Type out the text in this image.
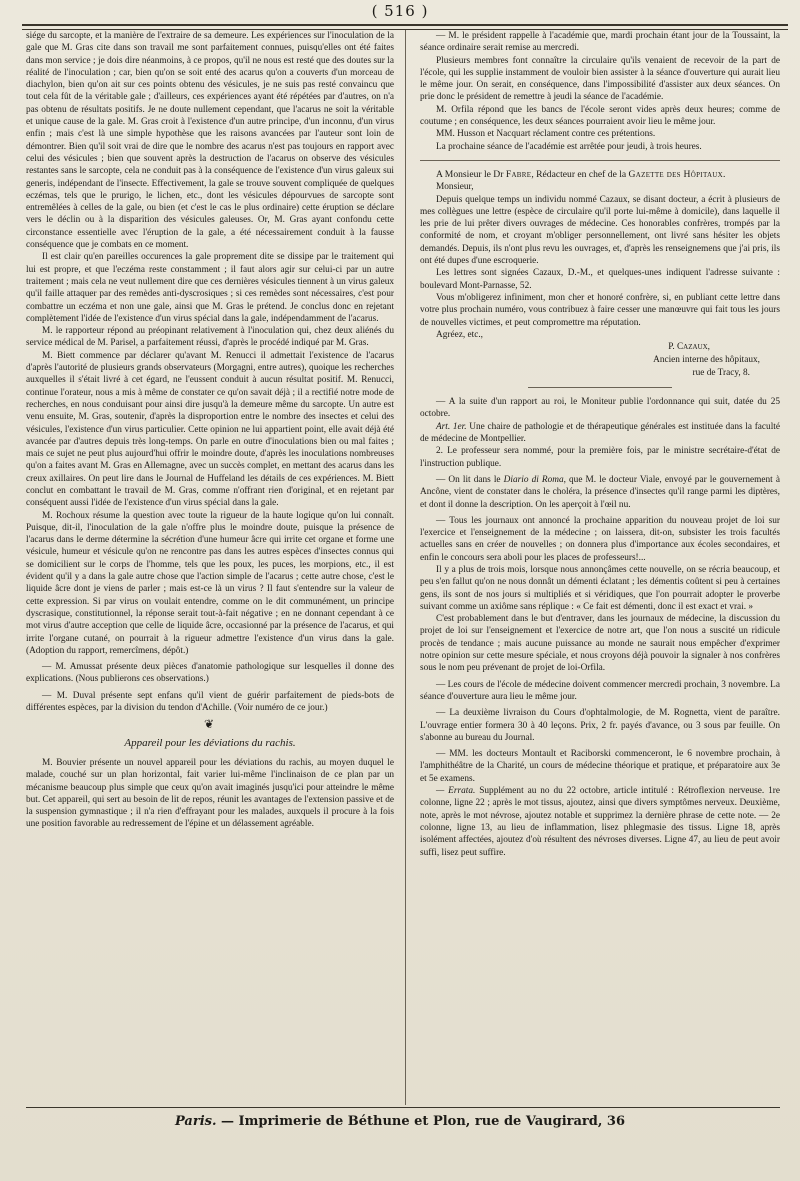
( 516 )

siége du sarcopte, et la manière de l'extraire de sa demeure. Les expériences sur l'inoculation de la gale que M. Gras cite dans son travail me sont parfaitement connues, puisqu'elles ont été faites dans mon service ; je dois dire néanmoins, à ce propos, qu'il ne nous est resté que des doutes sur la réalité de l'inoculation ; car, bien qu'on se soit enté des acarus qu'on a couverts d'un morceau de diachylon, bien qu'on ait sur ces points obtenu des vésicules, je ne suis pas resté convaincu que tout cela fût de la véritable gale ; d'ailleurs, ces expériences ayant été répétées par d'autres, on n'a pas obtenu de résultats positifs. Je ne doute nullement cependant, que l'acarus ne soit la véritable et unique cause de la gale. M. Gras croit à l'existence d'un autre principe, d'un inconnu, d'un virus enfin ; mais c'est là une simple hypothèse que les raisons avancées par l'auteur sont loin de démontrer. Bien qu'il soit vrai de dire que le nombre des acarus n'est pas toujours en rapport avec celui des vésicules ; bien que souvent après la destruction de l'acarus on observe des vésicules restantes sans le sarcopte, cela ne conduit pas à la conséquence de l'existence d'un virus galeux sui generis, indépendant de l'insecte. Effectivement, la gale se trouve souvent compliquée de quelques eczémas, tels que le prurigo, le lichen, etc., dont les vésicules dépourvues de sarcopte sont entremêlées à celles de la gale, ou bien (et c'est le cas le plus ordinaire) cette éruption se déclare vers le déclin ou à la disparition des vésicules galeuses. Or, M. Gras ayant confondu cette circonstance essentielle avec l'éruption de la gale, a été nécessairement conduit à la fausse conséquence que je combats en ce moment.

Il est clair qu'en pareilles occurences la gale proprement dite se dissipe par le traitement qui lui est propre, et que l'eczéma reste constamment ; il faut alors agir sur celui-ci par un autre traitement ; mais cela ne veut nullement dire que ces dernières vésicules tiennent à un virus galeux qu'il faille attaquer par des remèdes anti-dyscrosiques ; si ces remèdes sont nécessaires, c'est pour combattre un eczéma et non une gale, ainsi que M. Gras le prétend. Je conclus donc en rejetant complètement l'idée de l'existence d'un virus spécial dans la gale, indépendamment de l'acarus.

M. le rapporteur répond au préopinant relativement à l'inoculation qui, chez deux aliénés du service médical de M. Parisel, a parfaitement réussi, d'après le procédé indiqué par M. Gras.

M. Biett commence par déclarer qu'avant M. Renucci il admettait l'existence de l'acarus d'après l'autorité de plusieurs grands observateurs (Morgagni, entre autres), quoique les recherches auxquelles il s'était livré à cet égard, ne l'eussent conduit à aucun résultat positif. M. Renucci, continue l'orateur, nous a mis à même de constater ce qu'on savait déjà ; il a rectifié notre mode de recherches, en nous conduisant pour ainsi dire jusqu'à la demeure même du sarcopte. Un autre est venu ensuite, M. Gras, soutenir, d'après la disproportion entre le nombre des insectes et celui des vésicules, l'existence d'un virus particulier. Cette opinion ne lui appartient point, elle avait déjà été avancée par d'autres depuis très long-temps. On parle en outre d'inoculations bien ou mal faites ; mais ce sujet ne peut plus aujourd'hui offrir le moindre doute, d'après les inoculations nombreuses qu'on a faites avant M. Gras en Allemagne, avec un succès complet, en mettant des acarus dans les creux axillaires. On peut lire dans le Journal de Huffeland les détails de ces expériences. M. Biett conclut en combattant le travail de M. Gras, comme n'offrant rien d'original, et en rejetant par conséquent aussi l'idée de l'existence d'un virus spécial dans la gale.

M. Rochoux résume la question avec toute la rigueur de la haute logique qu'on lui connaît. Puisque, dit-il, l'inoculation de la gale n'offre plus le moindre doute, puisque la présence de l'acarus dans le derme détermine la sécrétion d'une humeur âcre qui irrite cet organe et forme une vésicule, humeur et vésicule qu'on ne rencontre pas dans les autres espèces d'insectes connus qui se domicilient sur le corps de l'homme, tels que les poux, les puces, les morpions, etc., il est évident qu'il y a dans la gale autre chose que l'action simple de l'acarus ; cette autre chose, c'est le liquide âcre dont je viens de parler ; mais est-ce là un virus ? Il faut s'entendre sur la valeur de cette expression. Si par virus on voulait entendre, comme on le dit communément, un principe dyscrasique, constitutionnel, la réponse serait tout-à-fait négative ; en ne donnant cependant à ce mot virus d'autre acception que celle de liquide âcre, occasionné par la présence de l'acarus, et qui irrite l'organe cutané, on pourrait à la rigueur admettre l'existence d'un virus dans la gale. (Adoption du rapport, remercîmens, dépôt.)

— M. Amussat présente deux pièces d'anatomie pathologique sur lesquelles il donne des explications. (Nous publierons ces observations.)

— M. Duval présente sept enfans qu'il vient de guérir parfaitement de pieds-bots de différentes espèces, par la division du tendon d'Achille. (Voir numéro de ce jour.)

❦
Appareil pour les déviations du rachis.

M. Bouvier présente un nouvel appareil pour les déviations du rachis, au moyen duquel le malade, couché sur un plan horizontal, fait varier lui-même l'inclinaison de ce plan par un mécanisme beaucoup plus simple que ceux qu'on avait imaginés jusqu'ici pour atteindre le même but. Cet appareil, qui sert au besoin de lit de repos, réunit les avantages de l'extension passive et de la suspension gymnastique ; il n'a rien d'effrayant pour les malades, auxquels il procure à la fois une position favorable au redressement de l'épine et un délassement agréable.

— M. le président rappelle à l'académie que, mardi prochain étant jour de la Toussaint, la séance ordinaire serait remise au mercredi.

Plusieurs membres font connaître la circulaire qu'ils venaient de recevoir de la part de l'école, qui les supplie instamment de vouloir bien assister à la séance d'ouverture qui aurait lieu le même jour. On serait, en conséquence, dans l'impossibilité d'assister aux deux séances. On prie donc le président de remettre à jeudi la séance de l'académie.

M. Orfila répond que les bancs de l'école seront vides après deux heures; comme de coutume ; en conséquence, les deux séances pourraient avoir lieu le même jour.

MM. Husson et Nacquart réclament contre ces prétentions.

La prochaine séance de l'académie est arrêtée pour jeudi, à trois heures.

A Monsieur le Dr Fabre, Rédacteur en chef de la Gazette des Hôpitaux.

Monsieur,

Depuis quelque temps un individu nommé Cazaux, se disant docteur, a écrit à plusieurs de mes collègues une lettre (espèce de circulaire qu'il porte lui-même à domicile), dans laquelle il les prie de lui prêter divers ouvrages de médecine. Ces honorables confrères, trompés par la conformité de nom, et croyant m'obliger personnellement, ont livré sans hésiter les objets demandés. Depuis, ils n'ont plus revu les ouvrages, et, d'après les renseignemens que j'ai pris, ils ont été dupes d'une escroquerie.

Les lettres sont signées Cazaux, D.-M., et quelques-unes indiquent l'adresse suivante : boulevard Mont-Parnasse, 52.

Vous m'obligerez infiniment, mon cher et honoré confrère, si, en publiant cette lettre dans votre plus prochain numéro, vous contribuez à faire cesser une manœuvre qui fait tous les jours de nouvelles victimes, et peut compromettre ma réputation.

Agréez, etc.,

P. Cazaux,
Ancien interne des hôpitaux,
rue de Tracy, 8.

— A la suite d'un rapport au roi, le Moniteur publie l'ordonnance qui suit, datée du 25 octobre.

Art. 1er. Une chaire de pathologie et de thérapeutique générales est instituée dans la faculté de médecine de Montpellier.

2. Le professeur sera nommé, pour la première fois, par le ministre secrétaire-d'état de l'instruction publique.

— On lit dans le Diario di Roma, que M. le docteur Viale, envoyé par le gouvernement à Ancône, vient de constater dans le choléra, la présence d'insectes qu'il range parmi les diptères, et dont il donne la description. On les aperçoit à l'œil nu.

— Tous les journaux ont annoncé la prochaine apparition du nouveau projet de loi sur l'exercice et l'enseignement de la médecine ; on laissera, dit-on, subsister les trois facultés actuelles sans en créer de nouvelles ; on donnera plus d'importance aux écoles secondaires, et enfin le concours sera aboli pour les places de professeurs!...

Il y a plus de trois mois, lorsque nous annonçâmes cette nouvelle, on se récria beaucoup, et peu s'en fallut qu'on ne nous donnât un démenti éclatant ; les démentis coûtent si peu à certaines gens, ils sont de nos jours si multipliés et si véridiques, que l'on pourrait adopter le proverbe suivant comme un axiôme sans réplique : « Ce fait est démenti, donc il est exact et vrai. »

C'est probablement dans le but d'entraver, dans les journaux de médecine, la discussion du projet de loi sur l'enseignement et l'exercice de notre art, que l'on nous a suscité un ridicule procès de tendance ; mais aucune puissance au monde ne saurait nous empêcher d'exprimer notre opinion sur cette mesure spéciale, et nous croyons déjà pouvoir la signaler à nos confrères sous le nom peu prévenant de projet de loi-Orfila.

— Les cours de l'école de médecine doivent commencer mercredi prochain, 3 novembre. La séance d'ouverture aura lieu le même jour.

— La deuxième livraison du Cours d'ophtalmologie, de M. Rognetta, vient de paraître. L'ouvrage entier formera 30 à 40 leçons. Prix, 2 fr. payés d'avance, ou 3 sous par feuille. On s'abonne au bureau du Journal.

— MM. les docteurs Montault et Raciborski commenceront, le 6 novembre prochain, à l'amphithéâtre de la Charité, un cours de médecine théorique et pratique, et préparatoire aux 3e et 5e examens.

— Errata. Supplément au no du 22 octobre, article intitulé : Rétroflexion nerveuse. 1re colonne, ligne 22 ; après le mot tissus, ajoutez, ainsi que divers symptômes nerveux. Deuxième, note, après le mot névrose, ajoutez notable et supprimez la dernière phrase de cette note. — 2e colonne, ligne 13, au lieu de inflammation, lisez phlegmasie des tissus. Ligne 18, après isolément affectées, ajoutez d'où résultent des névroses diverses. Ligne 47, au lieu de peut avoir suffi, lisez peut suffire.

Paris. — Imprimerie de Béthune et Plon, rue de Vaugirard, 36
